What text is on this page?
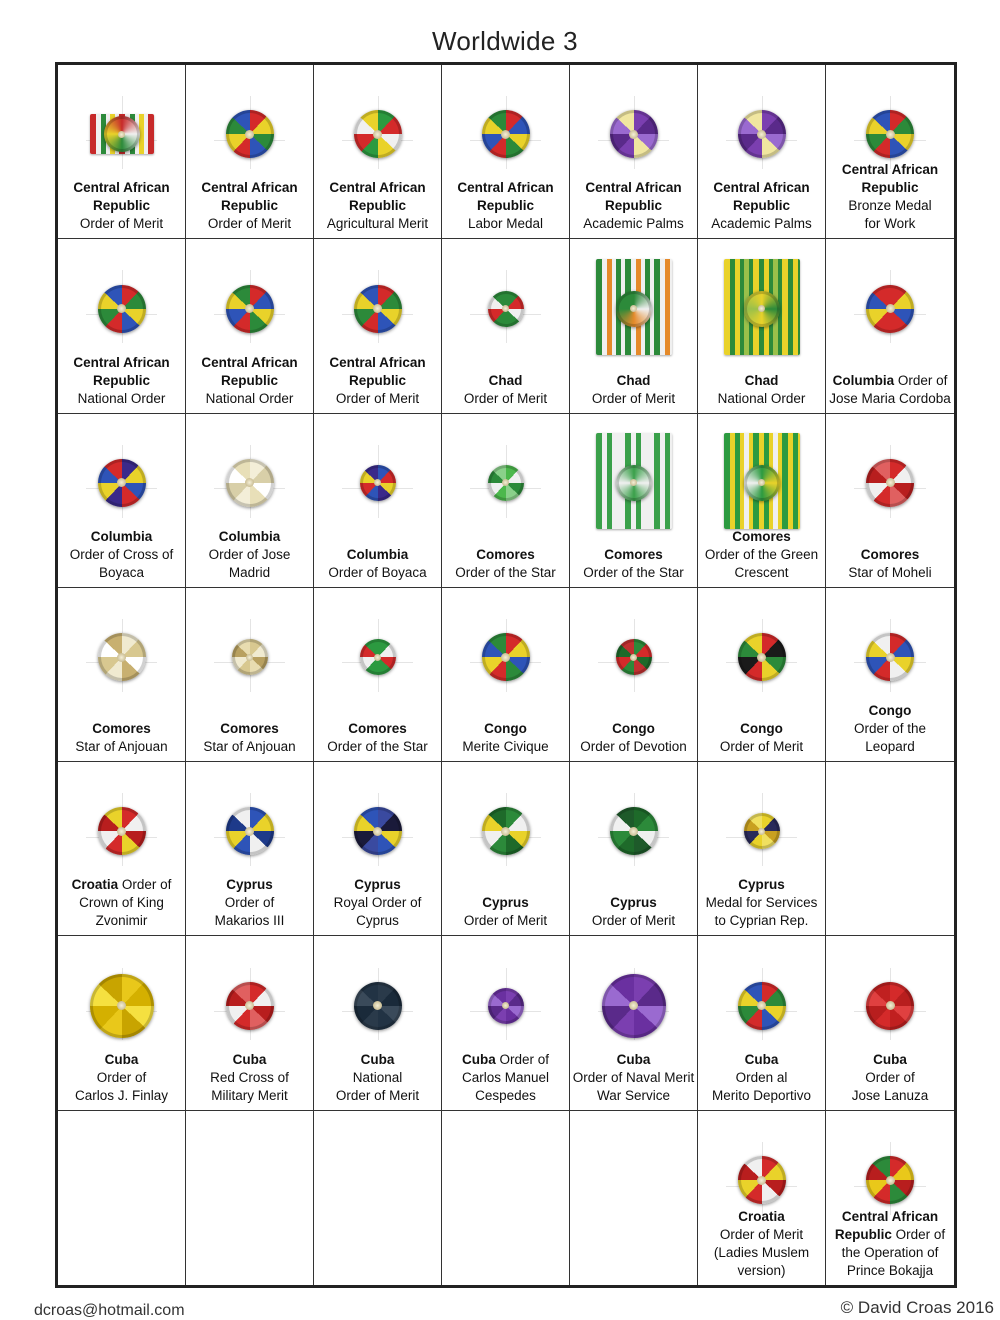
Worldwide 3
Central African
Republic
Order of Merit
Central African
Republic
Order of Merit
Central African
Republic
Agricultural Merit
Central African
Republic
Labor Medal
Central African
Republic
Academic Palms
Central African
Republic
Academic Palms
Central African
Republic
Bronze Medal
for Work
Central African
Republic
National Order
Central African
Republic
National Order
Central African
Republic
Order of Merit
Chad
Order of Merit
Chad
Order of Merit
Chad
National Order
Columbia Order of
Jose Maria Cordoba
Columbia
Order of Cross of
Boyaca
Columbia
Order of Jose
Madrid
Columbia
Order of Boyaca
Comores
Order of the Star
Comores
Order of the Star
Comores
Order of the Green
Crescent
Comores
Star of Moheli
Comores
Star of Anjouan
Comores
Star of Anjouan
Comores
Order of the Star
Congo
Merite Civique
Congo
Order of Devotion
Congo
Order of Merit
Congo
Order of the
Leopard
Croatia Order of
Crown of King
Zvonimir
Cyprus
Order of
Makarios III
Cyprus
Royal Order of
Cyprus
Cyprus
Order of Merit
Cyprus
Order of Merit
Cyprus
Medal for Services
to Cyprian Rep.
Cuba
Order of
Carlos J. Finlay
Cuba
Red Cross of
Military Merit
Cuba
National
Order of Merit
Cuba Order of
Carlos Manuel
Cespedes
Cuba
Order of Naval Merit
War Service
Cuba
Orden al
Merito Deportivo
Cuba
Order of
Jose Lanuza
Croatia
Order of Merit
(Ladies Muslem
version)
Central African
Republic Order of
the Operation of
Prince Bokajja
dcroas@hotmail.com	© David Croas 2016
